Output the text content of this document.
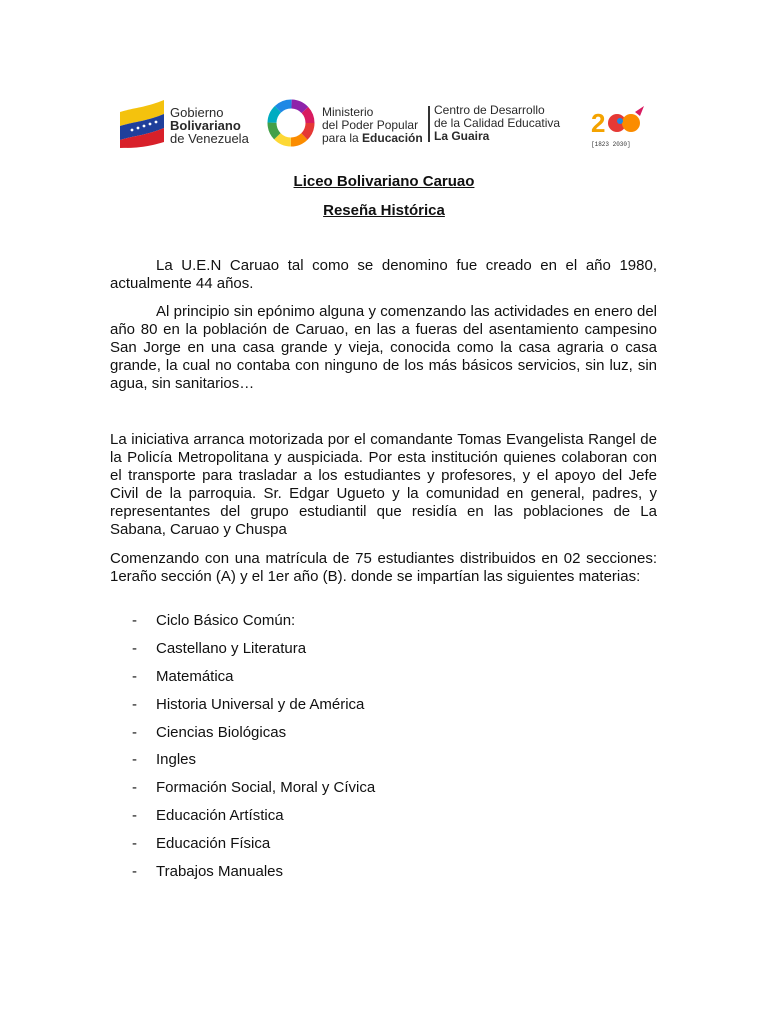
Gobierno
Bolivariano
de Venezuela
Ministerio
del Poder Popular
para la Educación
Centro de Desarrollo
de la Calidad Educativa
La Guaira	2
[1823 2030]
Liceo Bolivariano Caruao
Reseña Histórica

La U.E.N Caruao tal como se denomino fue creado en el año 1980, actualmente 44 años.

Al principio sin epónimo alguna y comenzando las actividades en enero del año 80 en la población de Caruao, en las a fueras del asentamiento campesino San Jorge en una casa grande y vieja, conocida como la casa agraria o casa grande, la cual no contaba con ninguno de los más básicos servicios, sin luz, sin agua, sin sanitarios…

La iniciativa arranca motorizada por el comandante Tomas Evangelista Rangel de la Policía Metropolitana y auspiciada. Por esta institución quienes colaboran con el transporte para trasladar a los estudiantes y profesores, y el apoyo del Jefe Civil de la parroquia. Sr. Edgar Ugueto y la comunidad en general, padres, y representantes del grupo estudiantil que residía en las poblaciones de La Sabana, Caruao y Chuspa

Comenzando con una matrícula de 75 estudiantes distribuidos en 02 secciones: 1eraño sección (A) y el 1er año (B). donde se impartían las siguientes materias:

- Ciclo Básico Común:
- Castellano y Literatura
- Matemática
- Historia Universal y de América
- Ciencias Biológicas
- Ingles
- Formación Social, Moral y Cívica
- Educación Artística
- Educación Física
- Trabajos Manuales
